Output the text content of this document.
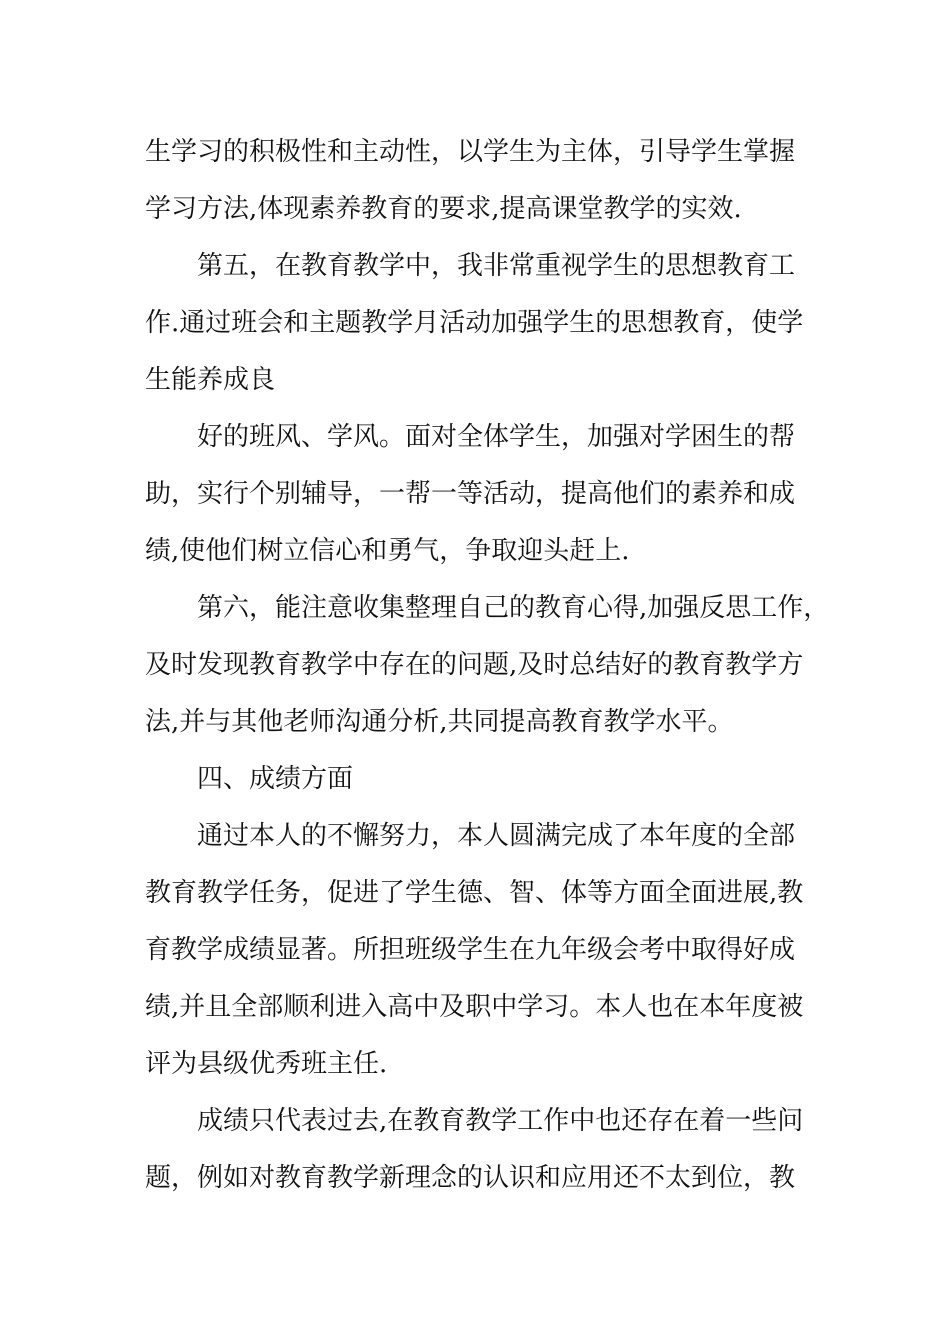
生学习的积极性和主动性，以学生为主体，引导学生掌握
学习方法,体现素养教育的要求,提高课堂教学的实效.
第五，在教育教学中，我非常重视学生的思想教育工
作.通过班会和主题教学月活动加强学生的思想教育，使学
生能养成良
好的班风、学风。面对全体学生，加强对学困生的帮
助，实行个别辅导，一帮一等活动，提高他们的素养和成
绩,使他们树立信心和勇气，争取迎头赶上.
第六，能注意收集整理自己的教育心得,加强反思工作，
及时发现教育教学中存在的问题,及时总结好的教育教学方
法,并与其他老师沟通分析,共同提高教育教学水平。
四、成绩方面
通过本人的不懈努力，本人圆满完成了本年度的全部
教育教学任务，促进了学生德、智、体等方面全面进展,教
育教学成绩显著。所担班级学生在九年级会考中取得好成
绩,并且全部顺利进入高中及职中学习。本人也在本年度被
评为县级优秀班主任.
成绩只代表过去,在教育教学工作中也还存在着一些问
题，例如对教育教学新理念的认识和应用还不太到位，教
